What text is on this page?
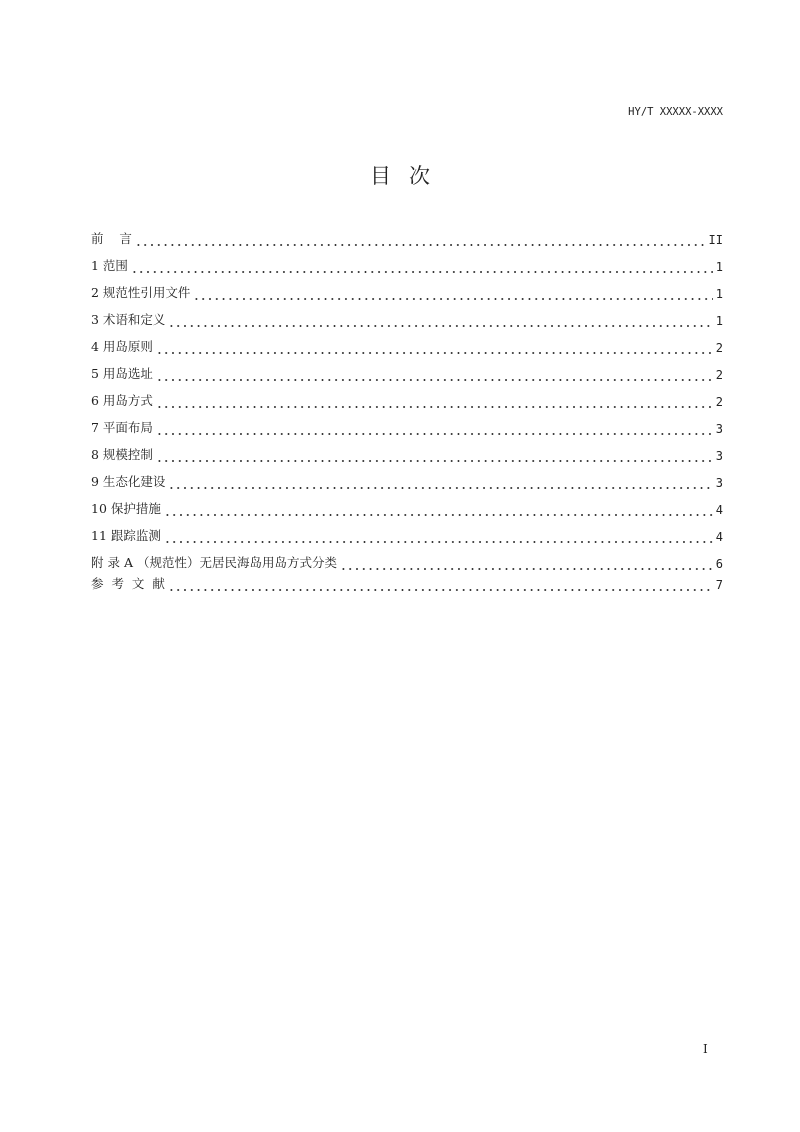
HY/T XXXXX-XXXX
目次
前    言	II
1 范围	1
2 规范性引用文件	1
3 术语和定义	1
4 用岛原则	2
5 用岛选址	2
6 用岛方式	2
7 平面布局	3
8 规模控制	3
9 生态化建设	3
10 保护措施	4
11 跟踪监测	4
附 录 A （规范性）无居民海岛用岛方式分类	6
参  考  文  献	7
I
